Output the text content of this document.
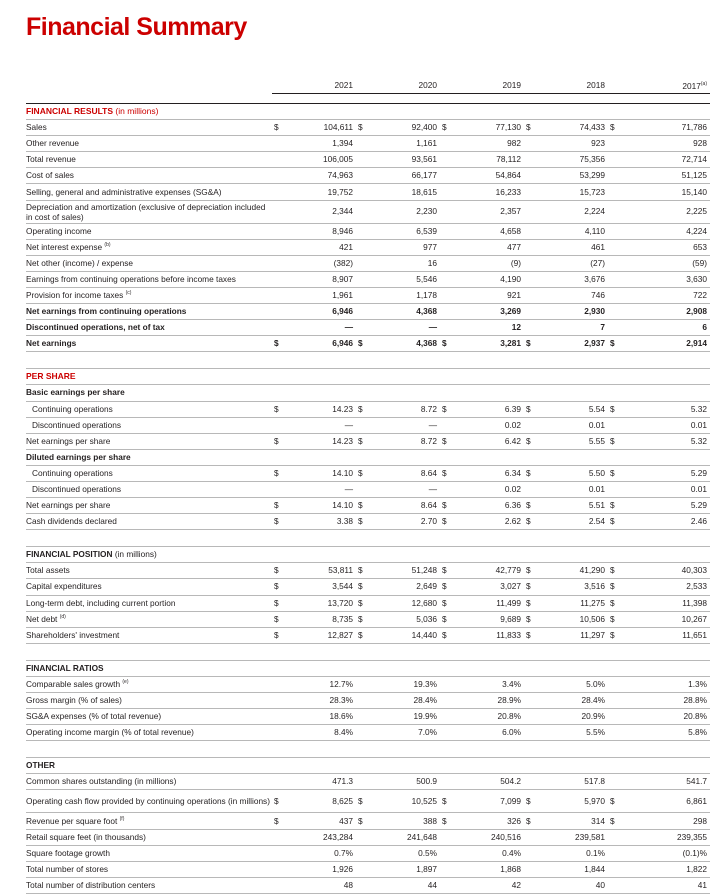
Financial Summary
		2021		2020		2019		2018		2017$^{(a)}$

FINANCIAL RESULTS (in millions)										
Sales	$	104,611	$	92,400	$	77,130	$	74,433	$	71,786
Other revenue		1,394		1,161		982		923		928
Total revenue		106,005		93,561		78,112		75,356		72,714
Cost of sales		74,963		66,177		54,864		53,299		51,125
Selling, general and administrative expenses (SG&A)		19,752		18,615		16,233		15,723		15,140
Depreciation and amortization (exclusive of depreciation included in cost of sales)		2,344		2,230		2,357		2,224		2,225
Operating income		8,946		6,539		4,658		4,110		4,224
Net interest expense $^{(b)}$		421		977		477		461		653
Net other (income) / expense		(382)		16		(9)		(27)		(59)
Earnings from continuing operations before income taxes		8,907		5,546		4,190		3,676		3,630
Provision for income taxes $^{(c)}$		1,961		1,178		921		746		722
Net earnings from continuing operations		6,946		4,368		3,269		2,930		2,908
Discontinued operations, net of tax		—		—		12		7		6
Net earnings	$	6,946	$	4,368	$	3,281	$	2,937	$	2,914

PER SHARE										
Basic earnings per share										
Continuing operations	$	14.23	$	8.72	$	6.39	$	5.54	$	5.32
Discontinued operations		—		—		0.02		0.01		0.01
Net earnings per share	$	14.23	$	8.72	$	6.42	$	5.55	$	5.32
Diluted earnings per share										
Continuing operations	$	14.10	$	8.64	$	6.34	$	5.50	$	5.29
Discontinued operations		—		—		0.02		0.01		0.01
Net earnings per share	$	14.10	$	8.64	$	6.36	$	5.51	$	5.29
Cash dividends declared	$	3.38	$	2.70	$	2.62	$	2.54	$	2.46

FINANCIAL POSITION (in millions)										
Total assets	$	53,811	$	51,248	$	42,779	$	41,290	$	40,303
Capital expenditures	$	3,544	$	2,649	$	3,027	$	3,516	$	2,533
Long-term debt, including current portion	$	13,720	$	12,680	$	11,499	$	11,275	$	11,398
Net debt $^{(d)}$	$	8,735	$	5,036	$	9,689	$	10,506	$	10,267
Shareholders' investment	$	12,827	$	14,440	$	11,833	$	11,297	$	11,651

FINANCIAL RATIOS										
Comparable sales growth $^{(e)}$		12.7%		19.3%		3.4%		5.0%		1.3%
Gross margin (% of sales)		28.3%		28.4%		28.9%		28.4%		28.8%
SG&A expenses (% of total revenue)		18.6%		19.9%		20.8%		20.9%		20.8%
Operating income margin (% of total revenue)		8.4%		7.0%		6.0%		5.5%		5.8%

OTHER										
Common shares outstanding (in millions)		471.3		500.9		504.2		517.8		541.7
Operating cash flow provided by continuing operations (in millions)	$	8,625	$	10,525	$	7,099	$	5,970	$	6,861
Revenue per square foot $^{(f)}$	$	437	$	388	$	326	$	314	$	298
Retail square feet (in thousands)		243,284		241,648		240,516		239,581		239,355
Square footage growth		0.7%		0.5%		0.4%		0.1%		(0.1)%
Total number of stores		1,926		1,897		1,868		1,844		1,822
Total number of distribution centers		48		44		42		40		41
